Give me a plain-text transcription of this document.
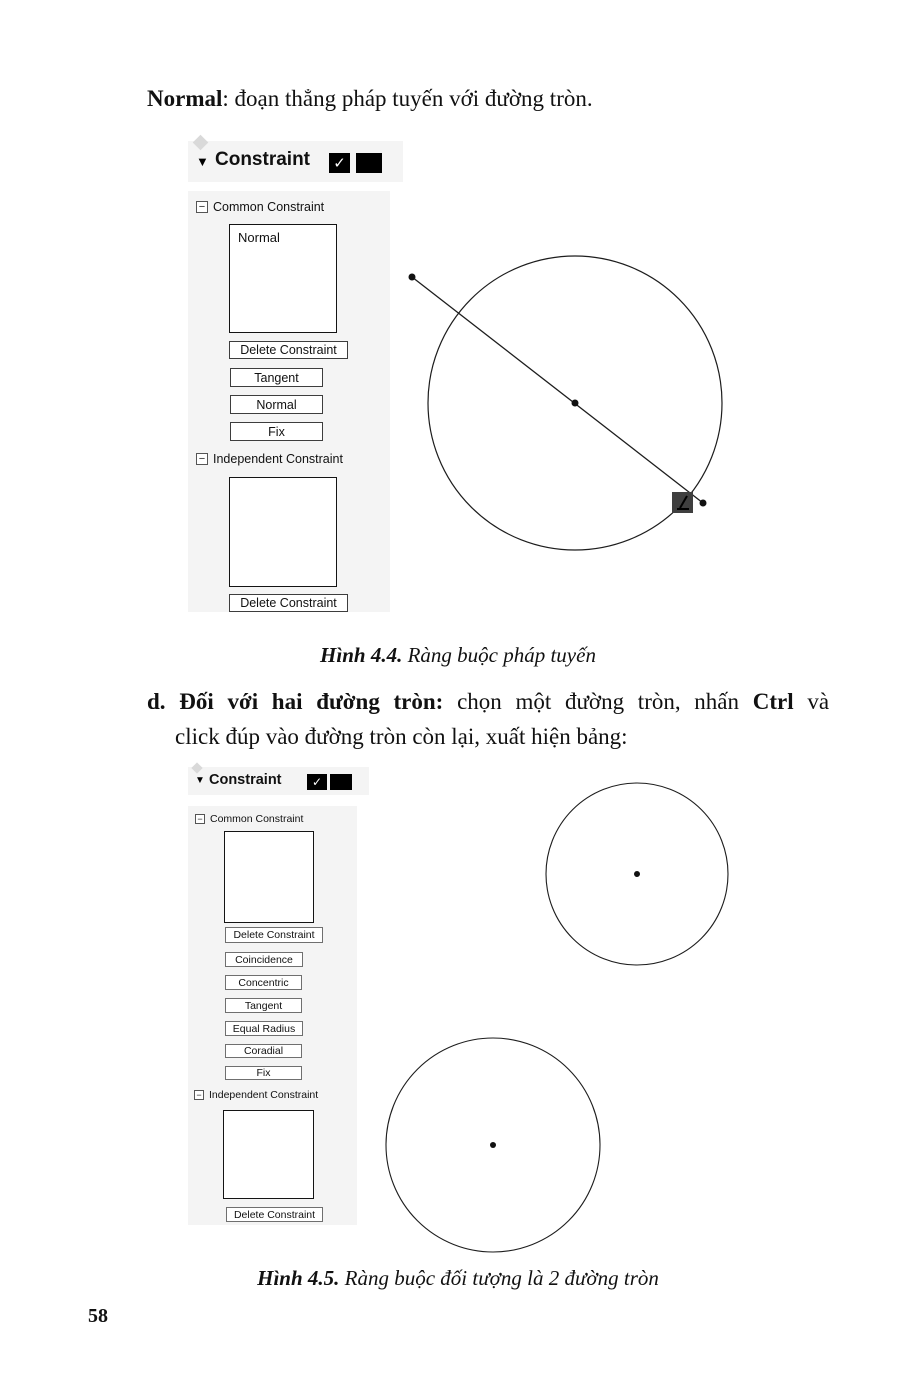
Normal: đoạn thẳng pháp tuyến với đường tròn.
▼
Constraint
✓
−
Common Constraint
Normal
Delete Constraint
Tangent
Normal
Fix
−
Independent Constraint
Delete Constraint
Hình 4.4. Ràng buộc pháp tuyến
d. Đối với hai đường tròn: chọn một đường tròn, nhấn Ctrl và
click đúp vào đường tròn còn lại, xuất hiện bảng:
▼
Constraint
✓
−
Common Constraint
Delete Constraint
Coincidence
Concentric
Tangent
Equal Radius
Coradial
Fix
−
Independent Constraint
Delete Constraint
Hình 4.5. Ràng buộc đối tượng là 2 đường tròn
58
